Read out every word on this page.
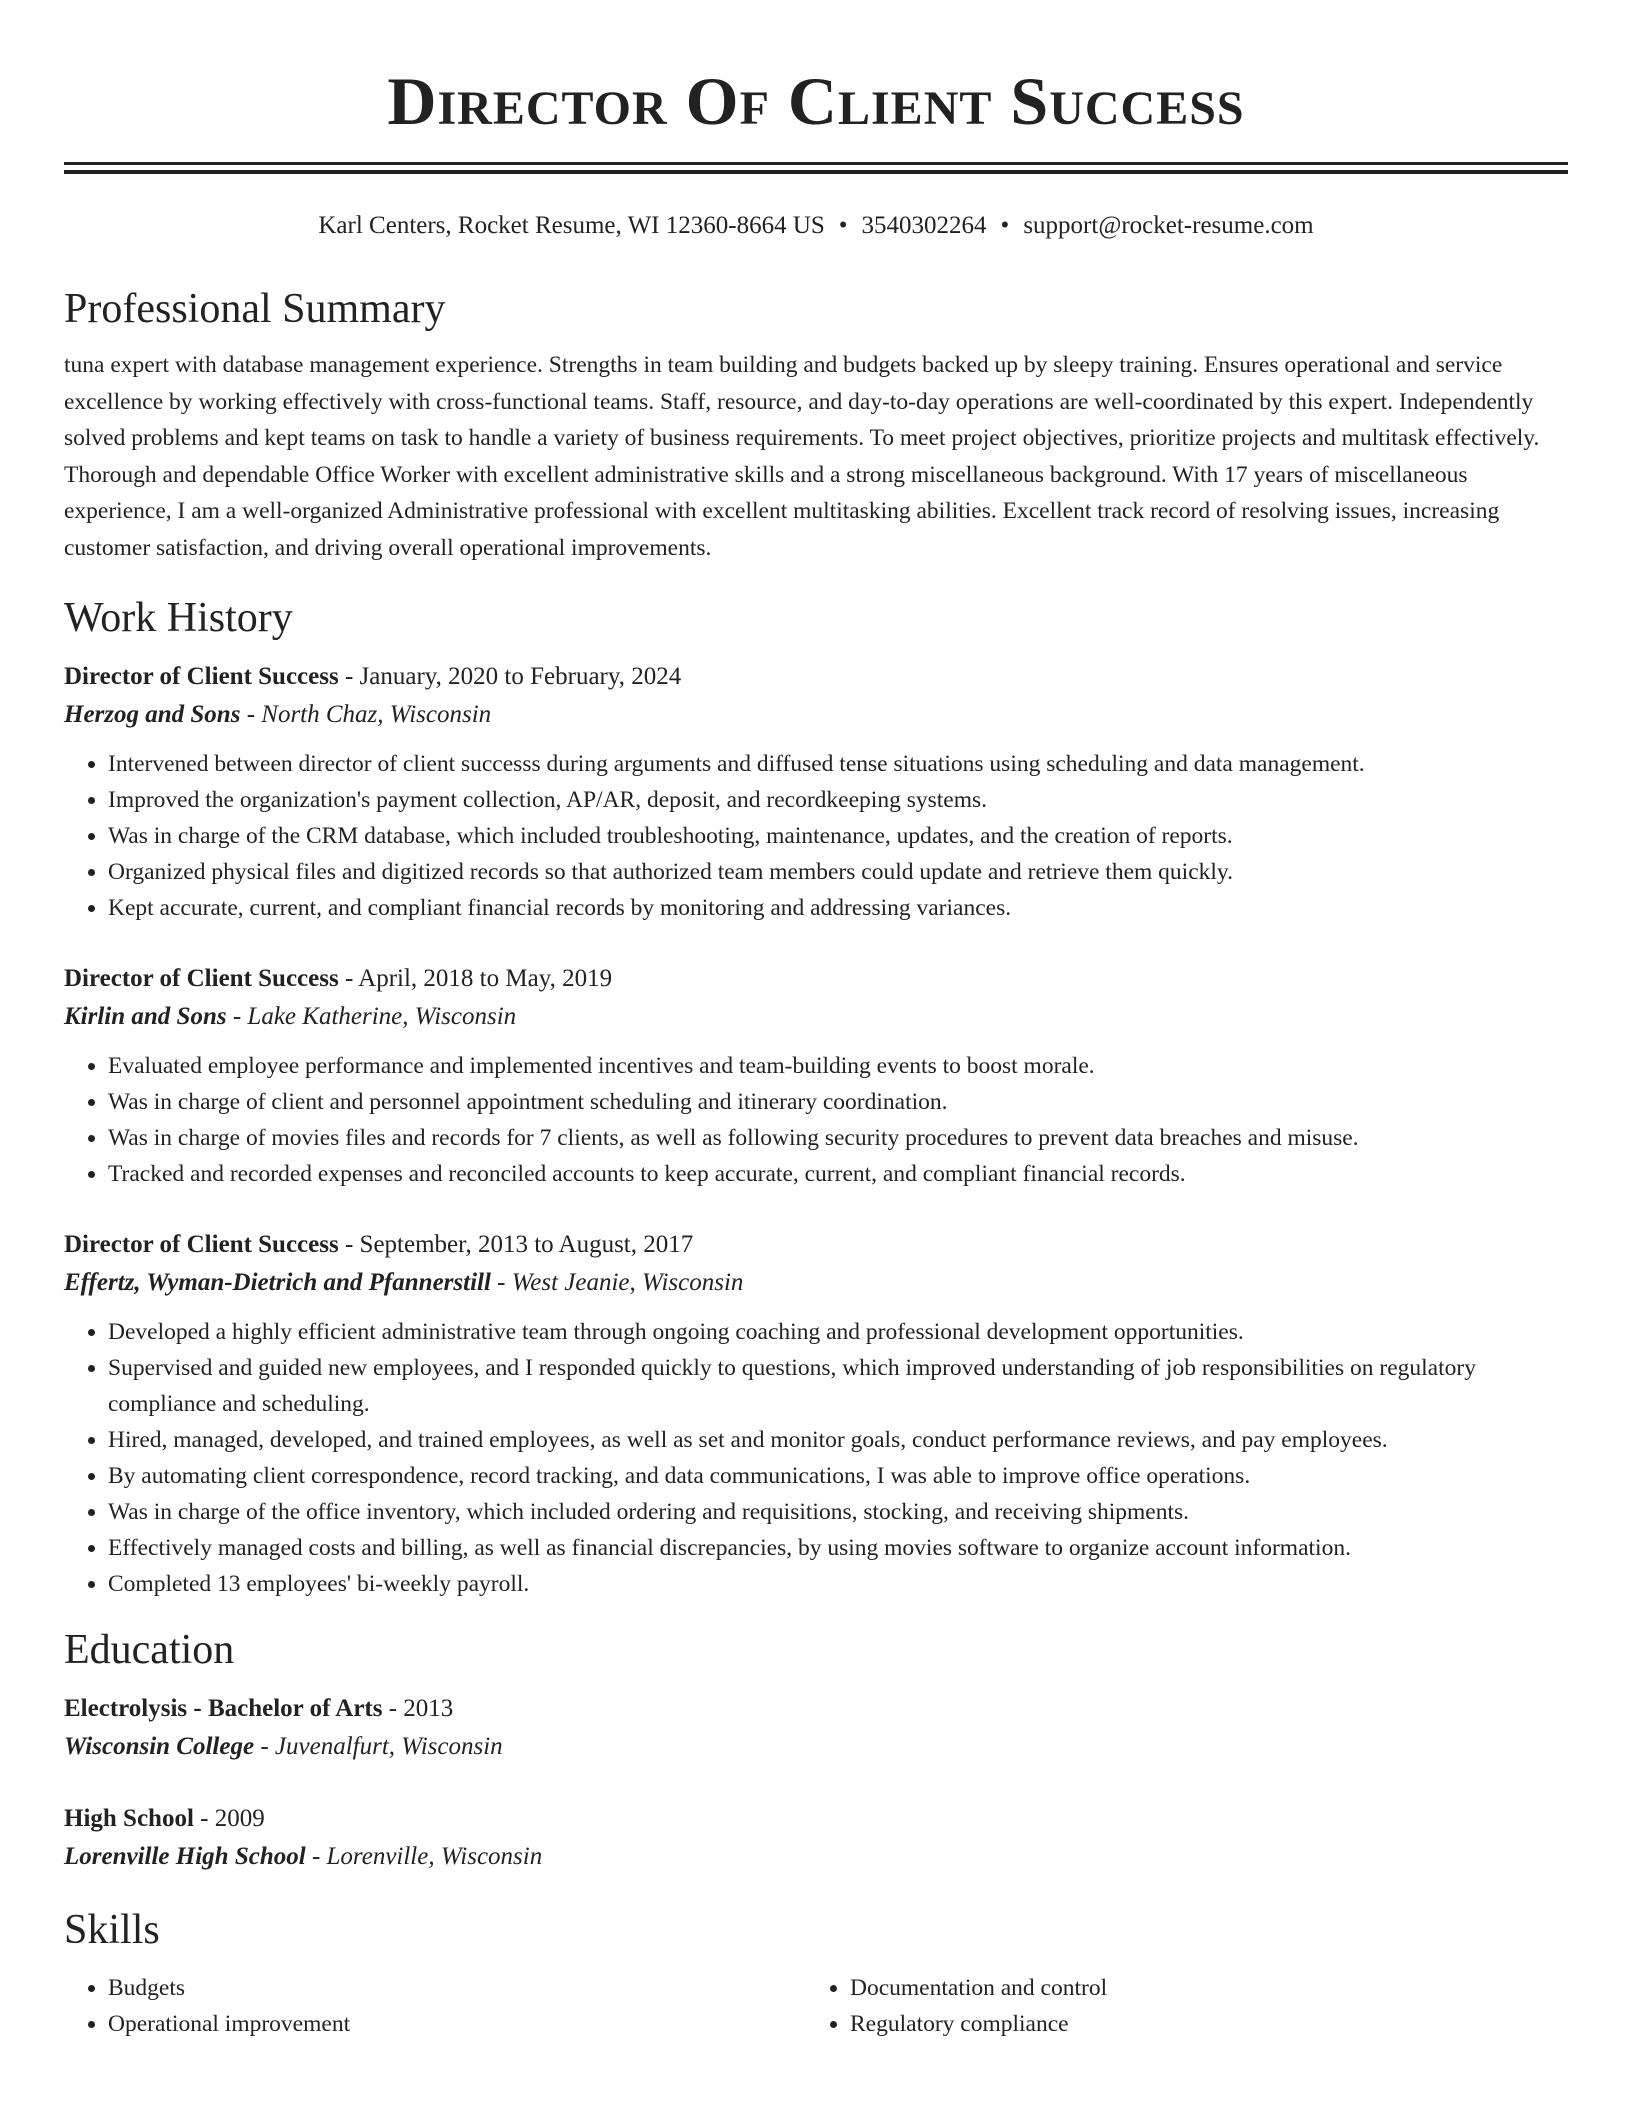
Director Of Client Success
Karl Centers, Rocket Resume, WI 12360-8664 US • 3540302264 • support@rocket-resume.com
Professional Summary
tuna expert with database management experience. Strengths in team building and budgets backed up by sleepy training. Ensures operational and service excellence by working effectively with cross-functional teams. Staff, resource, and day-to-day operations are well-coordinated by this expert. Independently solved problems and kept teams on task to handle a variety of business requirements. To meet project objectives, prioritize projects and multitask effectively. Thorough and dependable Office Worker with excellent administrative skills and a strong miscellaneous background. With 17 years of miscellaneous experience, I am a well-organized Administrative professional with excellent multitasking abilities. Excellent track record of resolving issues, increasing customer satisfaction, and driving overall operational improvements.
Work History
Director of Client Success - January, 2020 to February, 2024
Herzog and Sons - North Chaz, Wisconsin
• Intervened between director of client successs during arguments and diffused tense situations using scheduling and data management.
• Improved the organization's payment collection, AP/AR, deposit, and recordkeeping systems.
• Was in charge of the CRM database, which included troubleshooting, maintenance, updates, and the creation of reports.
• Organized physical files and digitized records so that authorized team members could update and retrieve them quickly.
• Kept accurate, current, and compliant financial records by monitoring and addressing variances.
Director of Client Success - April, 2018 to May, 2019
Kirlin and Sons - Lake Katherine, Wisconsin
• Evaluated employee performance and implemented incentives and team-building events to boost morale.
• Was in charge of client and personnel appointment scheduling and itinerary coordination.
• Was in charge of movies files and records for 7 clients, as well as following security procedures to prevent data breaches and misuse.
• Tracked and recorded expenses and reconciled accounts to keep accurate, current, and compliant financial records.
Director of Client Success - September, 2013 to August, 2017
Effertz, Wyman-Dietrich and Pfannerstill - West Jeanie, Wisconsin
• Developed a highly efficient administrative team through ongoing coaching and professional development opportunities.
• Supervised and guided new employees, and I responded quickly to questions, which improved understanding of job responsibilities on regulatory compliance and scheduling.
• Hired, managed, developed, and trained employees, as well as set and monitor goals, conduct performance reviews, and pay employees.
• By automating client correspondence, record tracking, and data communications, I was able to improve office operations.
• Was in charge of the office inventory, which included ordering and requisitions, stocking, and receiving shipments.
• Effectively managed costs and billing, as well as financial discrepancies, by using movies software to organize account information.
• Completed 13 employees' bi-weekly payroll.
Education
Electrolysis - Bachelor of Arts - 2013
Wisconsin College - Juvenalfurt, Wisconsin
High School - 2009
Lorenville High School - Lorenville, Wisconsin
Skills
• Budgets
• Operational improvement
• Documentation and control
• Regulatory compliance
